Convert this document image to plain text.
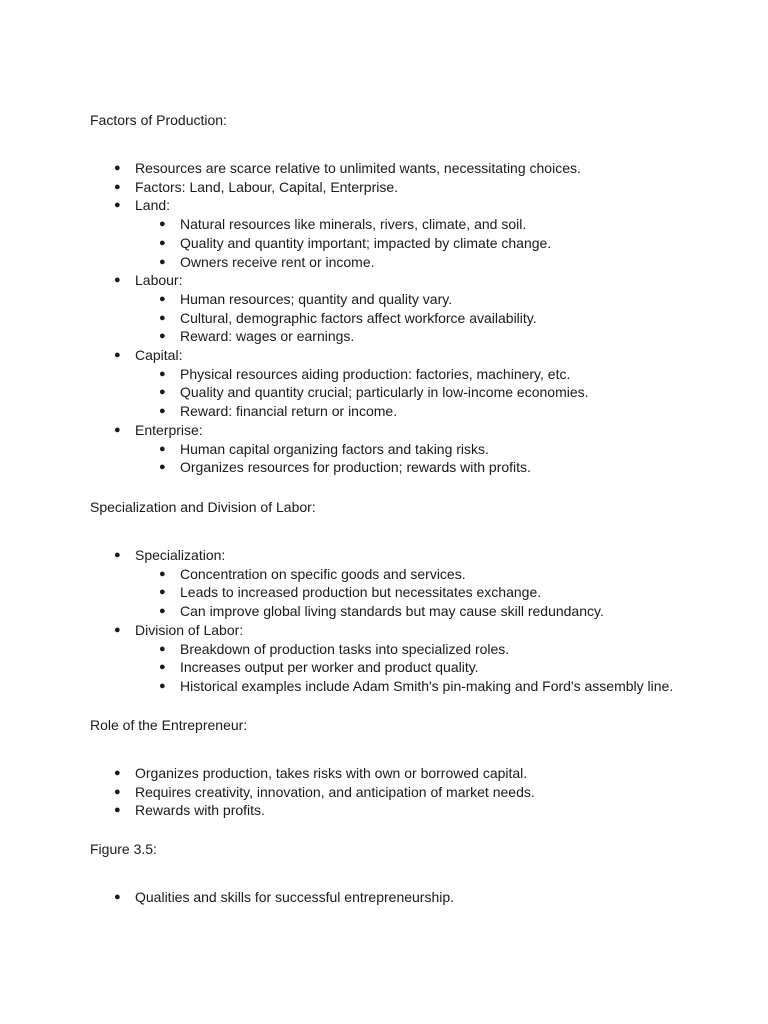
Factors of Production:

● Resources are scarce relative to unlimited wants, necessitating choices.
● Factors: Land, Labour, Capital, Enterprise.
● Land:
● Natural resources like minerals, rivers, climate, and soil.
● Quality and quantity important; impacted by climate change.
● Owners receive rent or income.
● Labour:
● Human resources; quantity and quality vary.
● Cultural, demographic factors affect workforce availability.
● Reward: wages or earnings.
● Capital:
● Physical resources aiding production: factories, machinery, etc.
● Quality and quantity crucial; particularly in low-income economies.
● Reward: financial return or income.
● Enterprise:
● Human capital organizing factors and taking risks.
● Organizes resources for production; rewards with profits.

Specialization and Division of Labor:

● Specialization:
● Concentration on specific goods and services.
● Leads to increased production but necessitates exchange.
● Can improve global living standards but may cause skill redundancy.
● Division of Labor:
● Breakdown of production tasks into specialized roles.
● Increases output per worker and product quality.
● Historical examples include Adam Smith's pin-making and Ford's assembly line.

Role of the Entrepreneur:

● Organizes production, takes risks with own or borrowed capital.
● Requires creativity, innovation, and anticipation of market needs.
● Rewards with profits.

Figure 3.5:

● Qualities and skills for successful entrepreneurship.
